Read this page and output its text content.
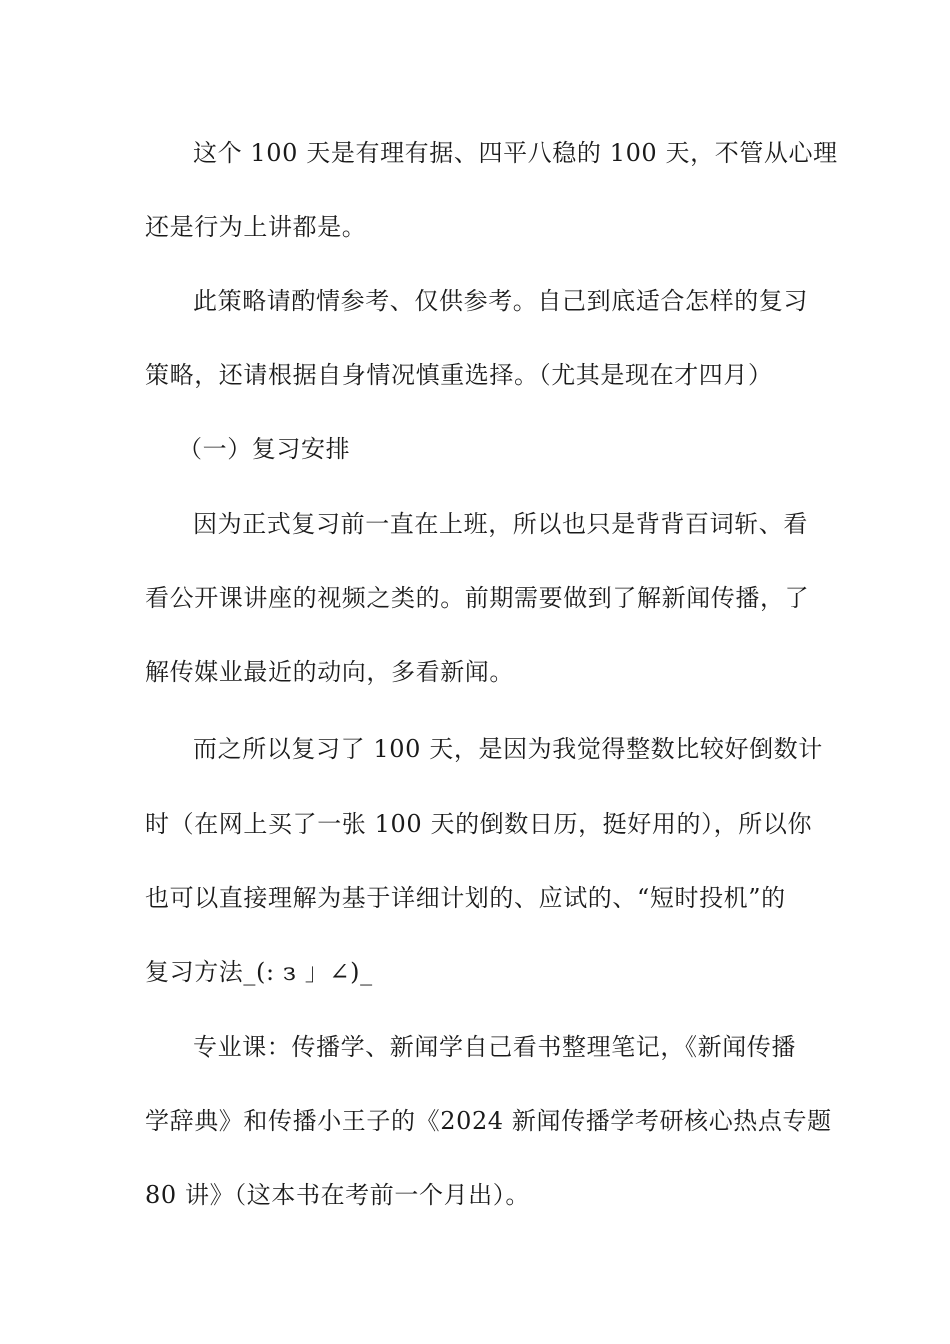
这个 100 天是有理有据、四平八稳的 100 天，不管从心理
还是行为上讲都是。
此策略请酌情参考、仅供参考。自己到底适合怎样的复习
策略，还请根据自身情况慎重选择。（尤其是现在才四月）
（一）复习安排
因为正式复习前一直在上班，所以也只是背背百词斩、看
看公开课讲座的视频之类的。前期需要做到了解新闻传播，了
解传媒业最近的动向，多看新闻。
而之所以复习了 100 天，是因为我觉得整数比较好倒数计
时（在网上买了一张 100 天的倒数日历，挺好用的），所以你
也可以直接理解为基于详细计划的、应试的、“短时投机”的
复习方法_(: з 」∠)_
专业课：传播学、新闻学自己看书整理笔记，《新闻传播
学辞典》和传播小王子的《2024 新闻传播学考研核心热点专题
80 讲》（这本书在考前一个月出）。
